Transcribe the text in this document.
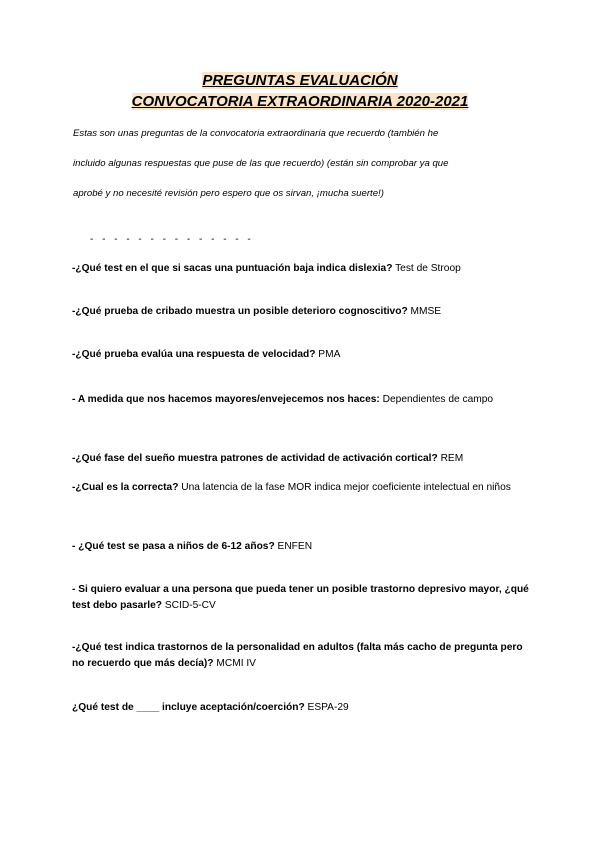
PREGUNTAS EVALUACIÓN
CONVOCATORIA EXTRAORDINARIA 2020-2021
Estas son unas preguntas de la convocatoria extraordinaria que recuerdo (también he
incluido algunas respuestas que puse de las que recuerdo) (están sin comprobar ya que
aprobé y no necesité revisión pero espero que os sirvan, ¡mucha suerte!)
- - - - - - - - - - - - - -
-¿Qué test en el que si sacas una puntuación baja indica dislexia? Test de Stroop
-¿Qué prueba de cribado muestra un posible deterioro cognoscitivo? MMSE
-¿Qué prueba evalúa una respuesta de velocidad? PMA
- A medida que nos hacemos mayores/envejecemos nos haces: Dependientes de campo
-¿Qué fase del sueño muestra patrones de actividad de activación cortical? REM
-¿Cual es la correcta? Una latencia de la fase MOR indica mejor coeficiente intelectual en niños
- ¿Qué test se pasa a niños de 6-12 años? ENFEN
- Si quiero evaluar a una persona que pueda tener un posible trastorno depresivo mayor, ¿qué test debo pasarle? SCID-5-CV
-¿Qué test indica trastornos de la personalidad en adultos (falta más cacho de pregunta pero no recuerdo que más decía)? MCMI IV
¿Qué test de ____ incluye aceptación/coerción? ESPA-29
